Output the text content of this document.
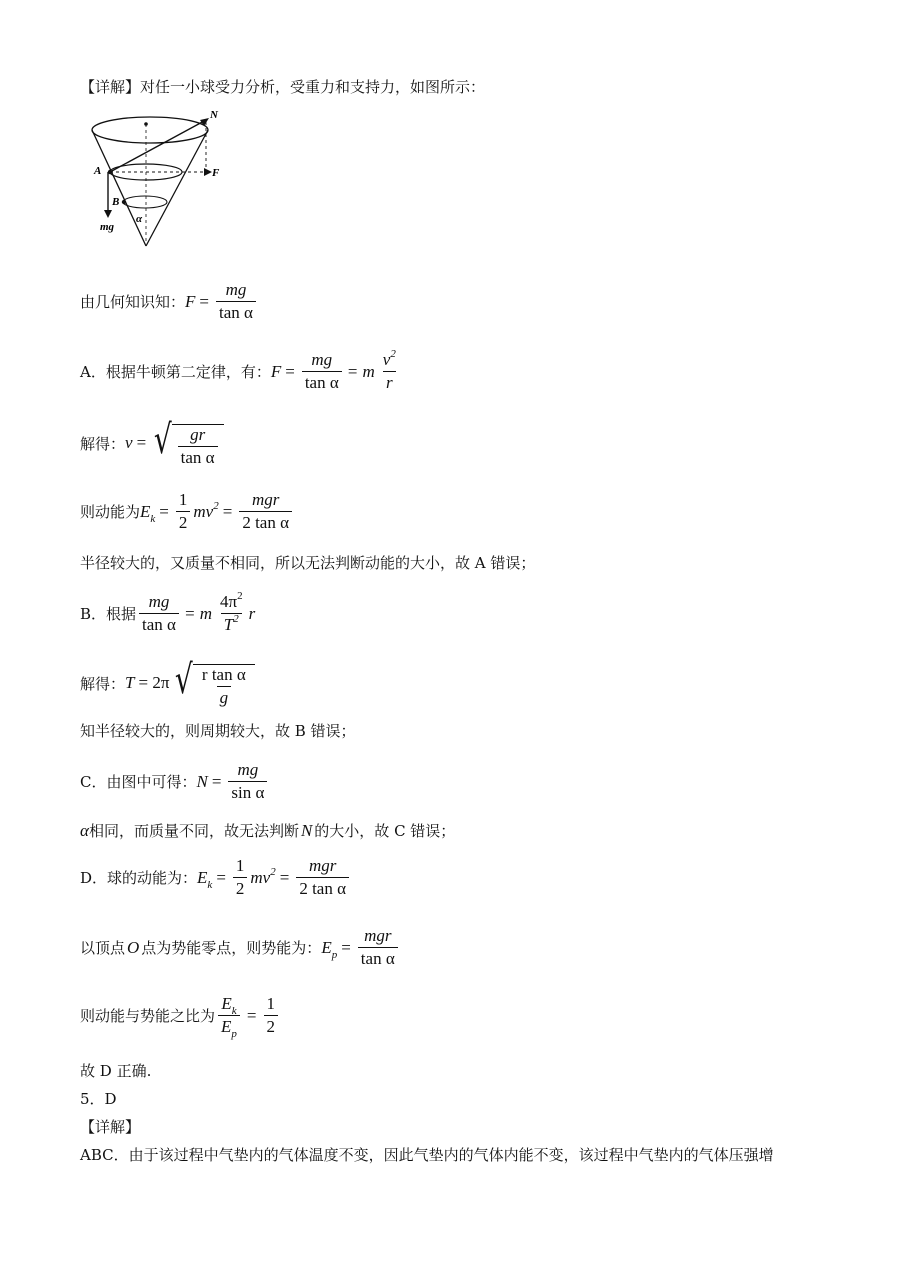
【详解】对任一小球受力分析，受重力和支持力，如图所示：
N
A	F
B
α
mg
由几何知识知： $F = \frac{mg}{\text{tan α}}$
A．根据牛顿第二定律，有： $F = \frac{mg}{\text{tan α}} = m \frac{v^2}{r}$
解得： v = √ $\frac{gr}{\text{tan α}}$
则动能为 $E_k = \frac{1}{2} mv^2 = \frac{\text{mgr}}{\text{2 tan α}}$
半径较大的，又质量不相同，所以无法判断动能的大小，故 A 错误；
B．根据 $\frac{mg}{\text{tan α}} = m \frac{4\pi^2}{T^2}$ r
解得： T = 2π √ $\frac{\text{r tan α}}{g}$
知半径较大的，则周期较大，故 B 错误；
C．由图中可得： $N = \frac{mg}{\text{sin α}}$
α 相同，而质量不同，故无法判断 N 的大小，故 C 错误；
D．球的动能为： $E_k = \frac{1}{2} mv^2 = \frac{\text{mgr}}{\text{2 tan α}}$
以顶点 O 点为势能零点，则势能为： $E_p = \frac{\text{mgr}}{\text{tan α}}$
则动能与势能之比为 $\frac{E_k}{E_p} = \frac{1}{2}$
故 D 正确.
5．D
【详解】
ABC．由于该过程中气垫内的气体温度不变，因此气垫内的气体内能不变，该过程中气垫内的气体压强增
